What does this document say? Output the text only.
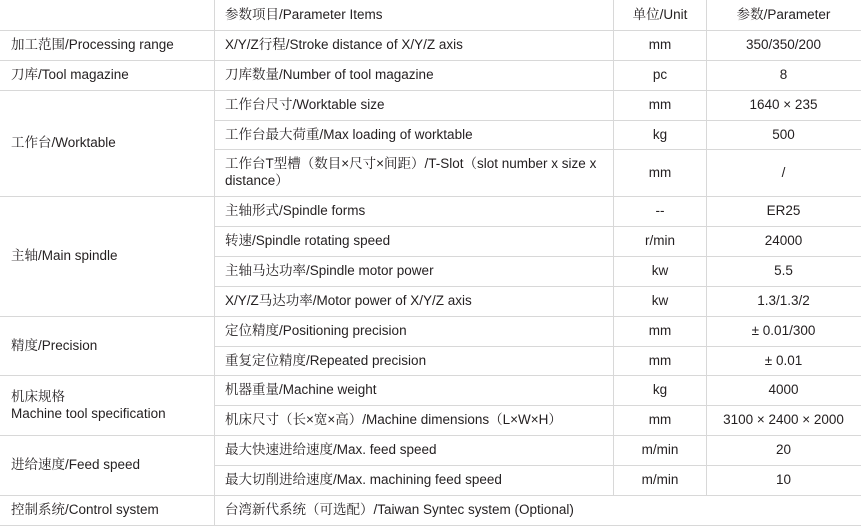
	参数项目/Parameter Items	单位/Unit	参数/Parameter
加工范围/Processing range	X/Y/Z行程/Stroke distance of X/Y/Z axis	mm	350/350/200
刀库/Tool magazine	刀库数量/Number of tool magazine	pc	8
工作台/Worktable	工作台尺寸/Worktable size	mm	1640 × 235
	工作台最大荷重/Max loading of worktable	kg	500
	工作台T型槽（数目×尺寸×间距）/T-Slot（slot number x size x distance）	mm	/
主轴/Main spindle	主轴形式/Spindle forms	--	ER25
	转速/Spindle rotating speed	r/min	24000
	主轴马达功率/Spindle motor power	kw	5.5
	X/Y/Z马达功率/Motor power of X/Y/Z axis	kw	1.3/1.3/2
精度/Precision	定位精度/Positioning precision	mm	± 0.01/300
	重复定位精度/Repeated precision	mm	± 0.01
机床规格
Machine tool specification	机器重量/Machine weight	kg	4000
	机床尺寸（长×宽×高）/Machine dimensions（L×W×H）	mm	3100 × 2400 × 2000
进给速度/Feed speed	最大快速进给速度/Max. feed speed	m/min	20
	最大切削进给速度/Max. machining feed speed	m/min	10
控制系统/Control system	台湾新代系统（可选配）/Taiwan Syntec system (Optional)		
